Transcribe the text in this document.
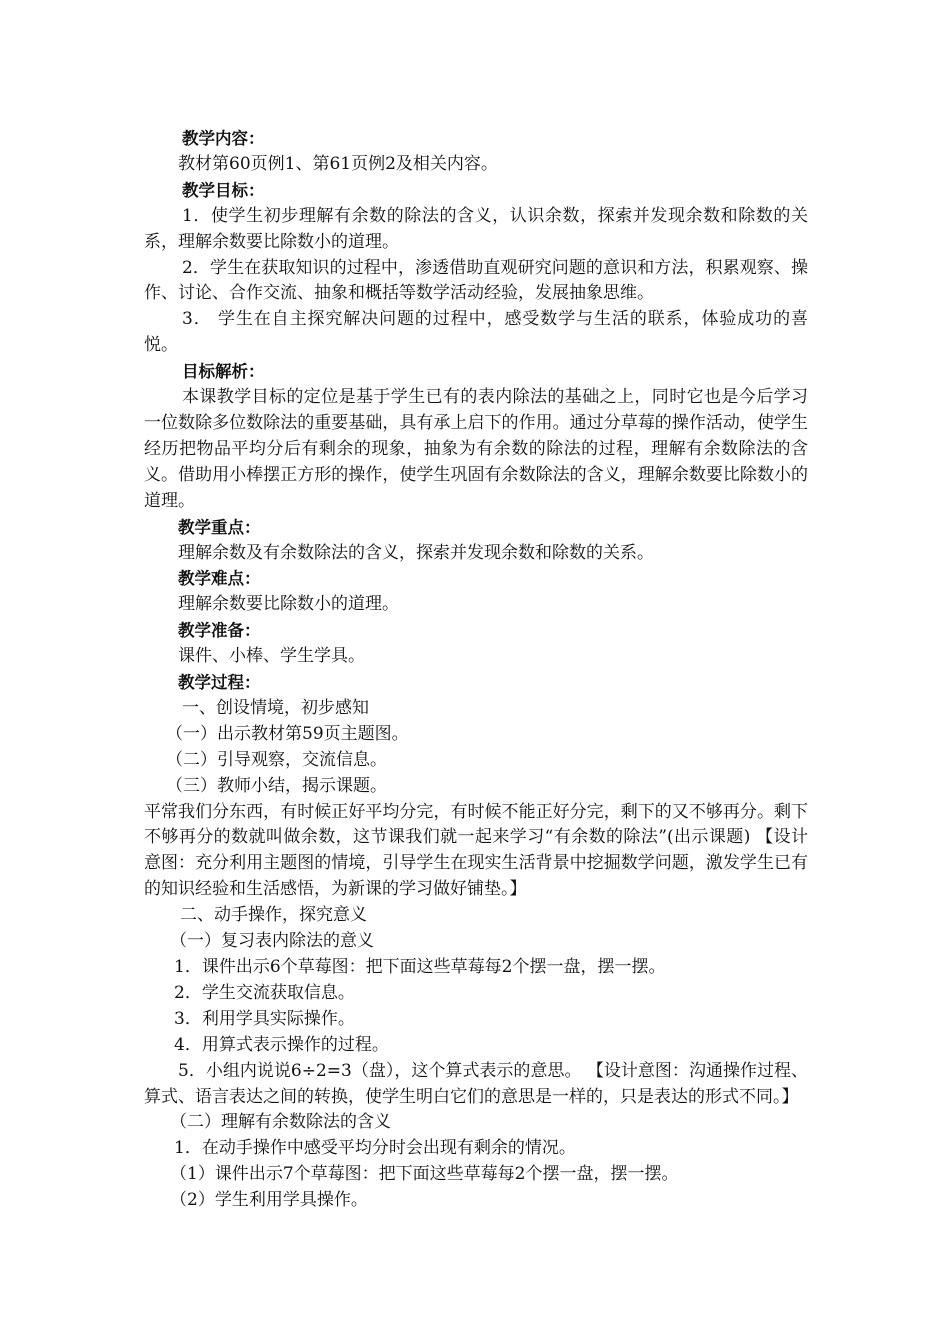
教学内容：

教材第60页例1、第61页例2及相关内容。

教学目标：

1．使学生初步理解有余数的除法的含义，认识余数，探索并发现余数和除数的关系，理解余数要比除数小的道理。

2．学生在获取知识的过程中，渗透借助直观研究问题的意识和方法，积累观察、操作、讨论、合作交流、抽象和概括等数学活动经验，发展抽象思维。

3． 学生在自主探究解决问题的过程中，感受数学与生活的联系，体验成功的喜悦。

目标解析：

本课教学目标的定位是基于学生已有的表内除法的基础之上，同时它也是今后学习一位数除多位数除法的重要基础，具有承上启下的作用。通过分草莓的操作活动，使学生经历把物品平均分后有剩余的现象，抽象为有余数的除法的过程，理解有余数除法的含义。借助用小棒摆正方形的操作，使学生巩固有余数除法的含义，理解余数要比除数小的道理。

教学重点：

理解余数及有余数除法的含义，探索并发现余数和除数的关系。

教学难点：

理解余数要比除数小的道理。

教学准备：

课件、小棒、学生学具。

教学过程：

一、创设情境，初步感知

（一）出示教材第59页主题图。

（二）引导观察，交流信息。

（三）教师小结，揭示课题。

平常我们分东西，有时候正好平均分完，有时候不能正好分完，剩下的又不够再分。剩下不够再分的数就叫做余数，这节课我们就一起来学习“有余数的除法”(出示课题) 【设计意图：充分利用主题图的情境，引导学生在现实生活背景中挖掘数学问题，激发学生已有的知识经验和生活感悟，为新课的学习做好铺垫。】

二、动手操作，探究意义

（一）复习表内除法的意义

1．课件出示6个草莓图：把下面这些草莓每2个摆一盘，摆一摆。

2．学生交流获取信息。

3．利用学具实际操作。

4．用算式表示操作的过程。

5．小组内说说6÷2=3（盘），这个算式表示的意思。 【设计意图：沟通操作过程、算式、语言表达之间的转换，使学生明白它们的意思是一样的，只是表达的形式不同。】

（二）理解有余数除法的含义

1．在动手操作中感受平均分时会出现有剩余的情况。

（1）课件出示7个草莓图：把下面这些草莓每2个摆一盘，摆一摆。

（2）学生利用学具操作。
